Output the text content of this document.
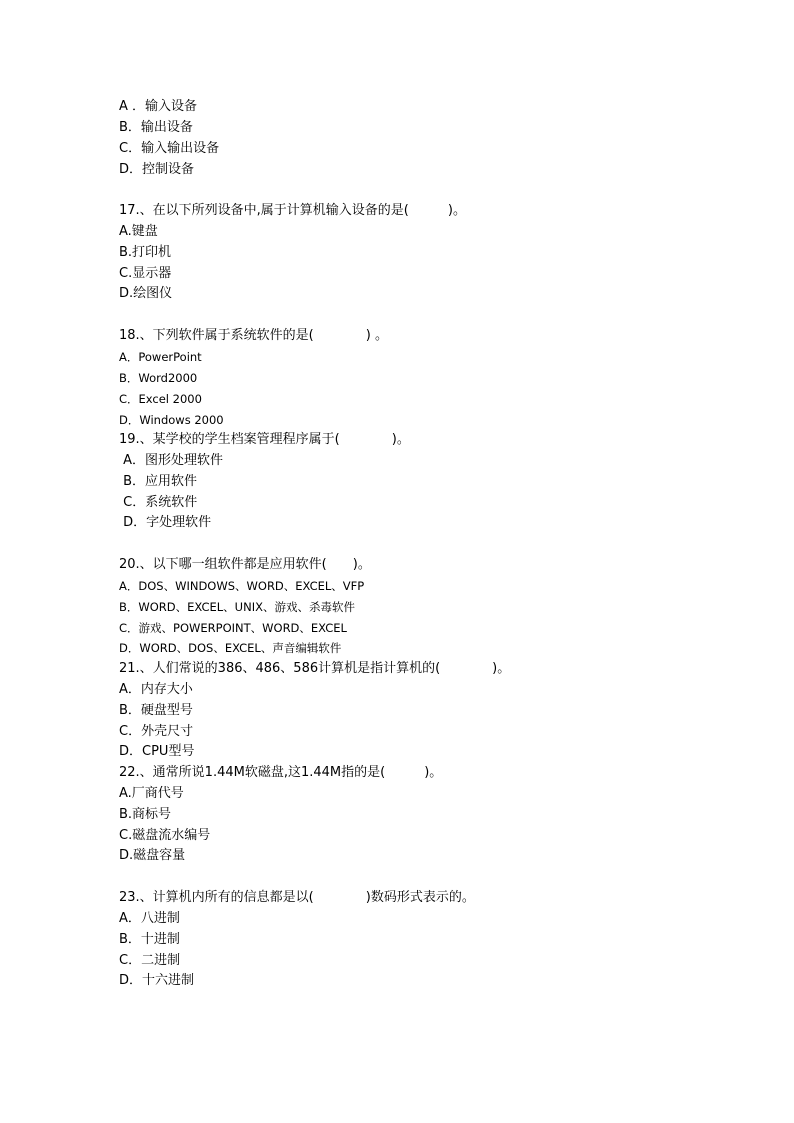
A ．输入设备
B．输出设备
C．输入输出设备
D．控制设备
17.、在以下所列设备中,属于计算机输入设备的是(　　　)。
A.键盘
B.打印机
C.显示器
D.绘图仪
18.、下列软件属于系统软件的是(　　　　) 。
A．PowerPoint
B．Word2000
C．Excel 2000
D．Windows 2000
19.、某学校的学生档案管理程序属于(　　　　)。
A．图形处理软件
B．应用软件
C．系统软件
D．字处理软件
20.、以下哪一组软件都是应用软件(　　)。
A．DOS、WINDOWS、WORD、EXCEL、VFP
B．WORD、EXCEL、UNIX、游戏、杀毒软件
C．游戏、POWERPOINT、WORD、EXCEL
D．WORD、DOS、EXCEL、声音编辑软件
21.、人们常说的386、486、586计算机是指计算机的(　　　　)。
A．内存大小
B．硬盘型号
C．外壳尺寸
D．CPU型号
22.、通常所说1.44M软磁盘,这1.44M指的是(　　　)。
A.厂商代号
B.商标号
C.磁盘流水编号
D.磁盘容量
23.、计算机内所有的信息都是以(　　　　)数码形式表示的。
A．八进制
B．十进制
C．二进制
D．十六进制
